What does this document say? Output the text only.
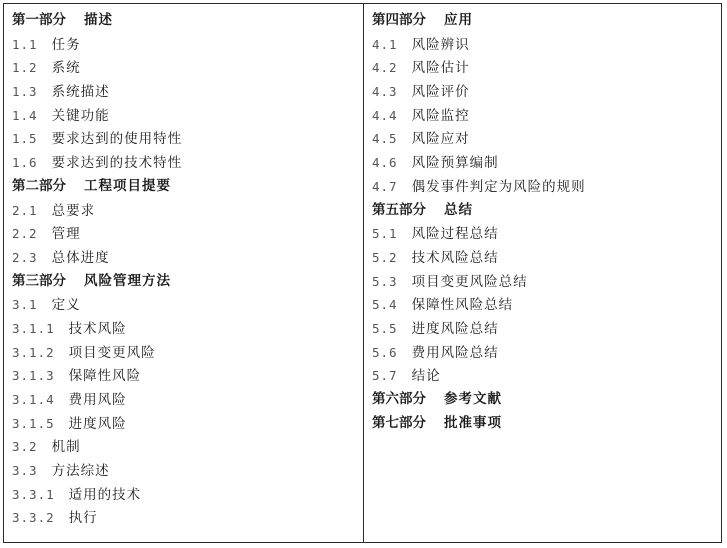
第一部分 描述
1.1 任务
1.2 系统
1.3 系统描述
1.4 关键功能
1.5 要求达到的使用特性
1.6 要求达到的技术特性
第二部分 工程项目提要
2.1 总要求
2.2 管理
2.3 总体进度
第三部分 风险管理方法
3.1 定义
3.1.1 技术风险
3.1.2 项目变更风险
3.1.3 保障性风险
3.1.4 费用风险
3.1.5 进度风险
3.2 机制
3.3 方法综述
3.3.1 适用的技术
3.3.2 执行
第四部分 应用
4.1 风险辨识
4.2 风险估计
4.3 风险评价
4.4 风险监控
4.5 风险应对
4.6 风险预算编制
4.7 偶发事件判定为风险的规则
第五部分 总结
5.1 风险过程总结
5.2 技术风险总结
5.3 项目变更风险总结
5.4 保障性风险总结
5.5 进度风险总结
5.6 费用风险总结
5.7 结论
第六部分 参考文献
第七部分 批准事项
